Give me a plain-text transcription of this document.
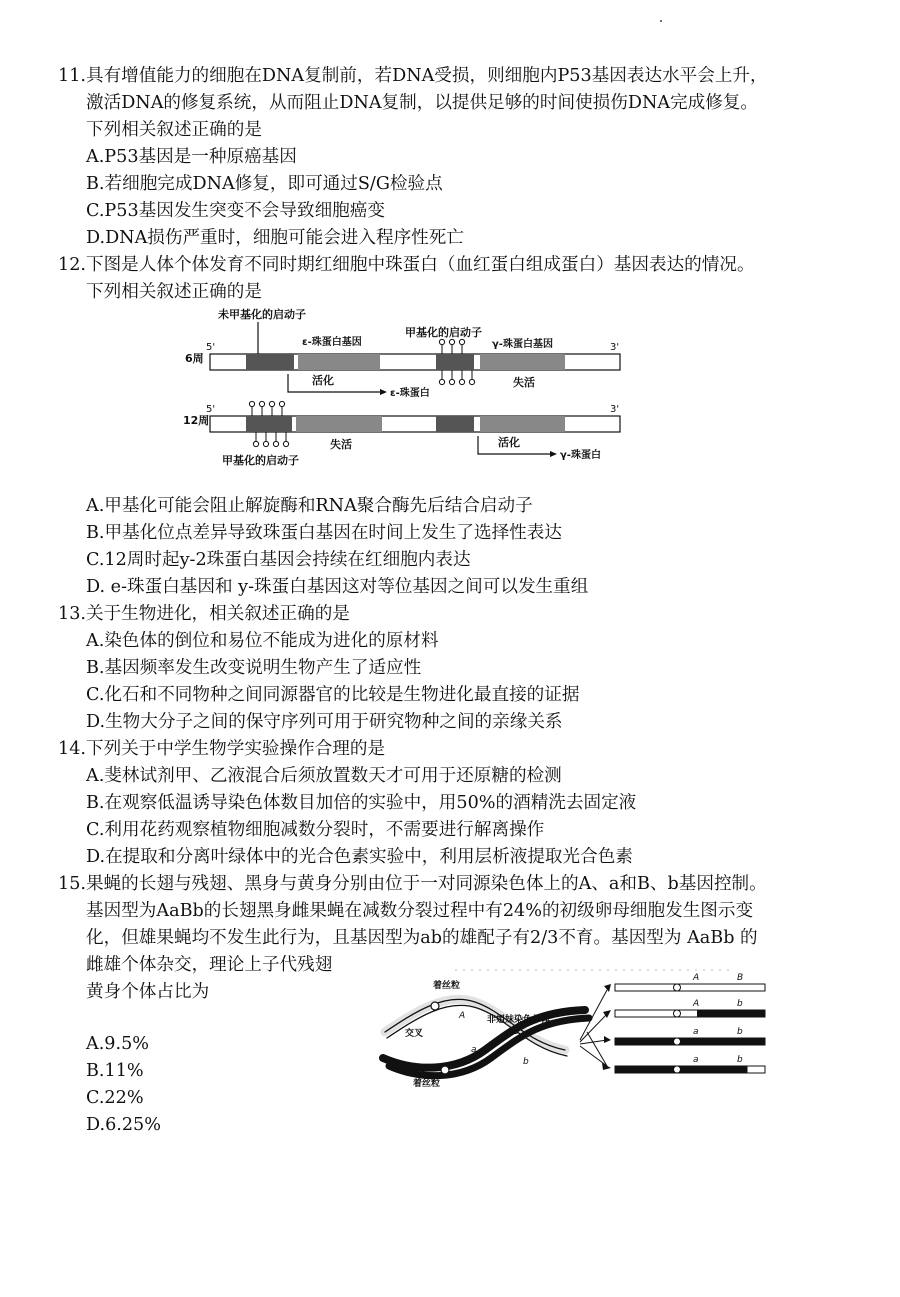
11.具有增值能力的细胞在DNA复制前，若DNA受损，则细胞内P53基因表达水平会上升，
激活DNA的修复系统，从而阻止DNA复制，以提供足够的时间使损伤DNA完成修复。
下列相关叙述正确的是
A.P53基因是一种原癌基因
B.若细胞完成DNA修复，即可通过S/G检验点
C.P53基因发生突变不会导致细胞癌变
D.DNA损伤严重时，细胞可能会进入程序性死亡
12.下图是人体个体发育不同时期红细胞中珠蛋白（血红蛋白组成蛋白）基因表达的情况。
下列相关叙述正确的是
未甲基化的启动子
甲基化的启动子
6周
5'	3'
ε-珠蛋白基因	γ-珠蛋白基因
活化
ε-珠蛋白
失活
12周
5'	3'
失活
甲基化的启动子
活化
γ-珠蛋白
A.甲基化可能会阻止解旋酶和RNA聚合酶先后结合启动子
B.甲基化位点差异导致珠蛋白基因在时间上发生了选择性表达
C.12周时起y-2珠蛋白基因会持续在红细胞内表达
D. e-珠蛋白基因和 y-珠蛋白基因这对等位基因之间可以发生重组
13.关于生物进化，相关叙述正确的是
A.染色体的倒位和易位不能成为进化的原材料
B.基因频率发生改变说明生物产生了适应性
C.化石和不同物种之间同源器官的比较是生物进化最直接的证据
D.生物大分子之间的保守序列可用于研究物种之间的亲缘关系
14.下列关于中学生物学实验操作合理的是
A.斐林试剂甲、乙液混合后须放置数天才可用于还原糖的检测
B.在观察低温诱导染色体数目加倍的实验中，用50%的酒精洗去固定液
C.利用花药观察植物细胞减数分裂时，不需要进行解离操作
D.在提取和分离叶绿体中的光合色素实验中，利用层析液提取光合色素
15.果蝇的长翅与残翅、黑身与黄身分别由位于一对同源染色体上的A、a和B、b基因控制。
基因型为AaBb的长翅黑身雌果蝇在减数分裂过程中有24%的初级卵母细胞发生图示变
化，但雄果蝇均不发生此行为，且基因型为ab的雄配子有2/3不育。基因型为 AaBb 的
雌雄个体杂交，理论上子代残翅
黄身个体占比为	着丝粒
着丝粒
非姐妹染色单体
交叉
A
B
a
b
A	B
A	b
a	b
a	b
A.9.5%
B.11%
C.22%
D.6.25%
